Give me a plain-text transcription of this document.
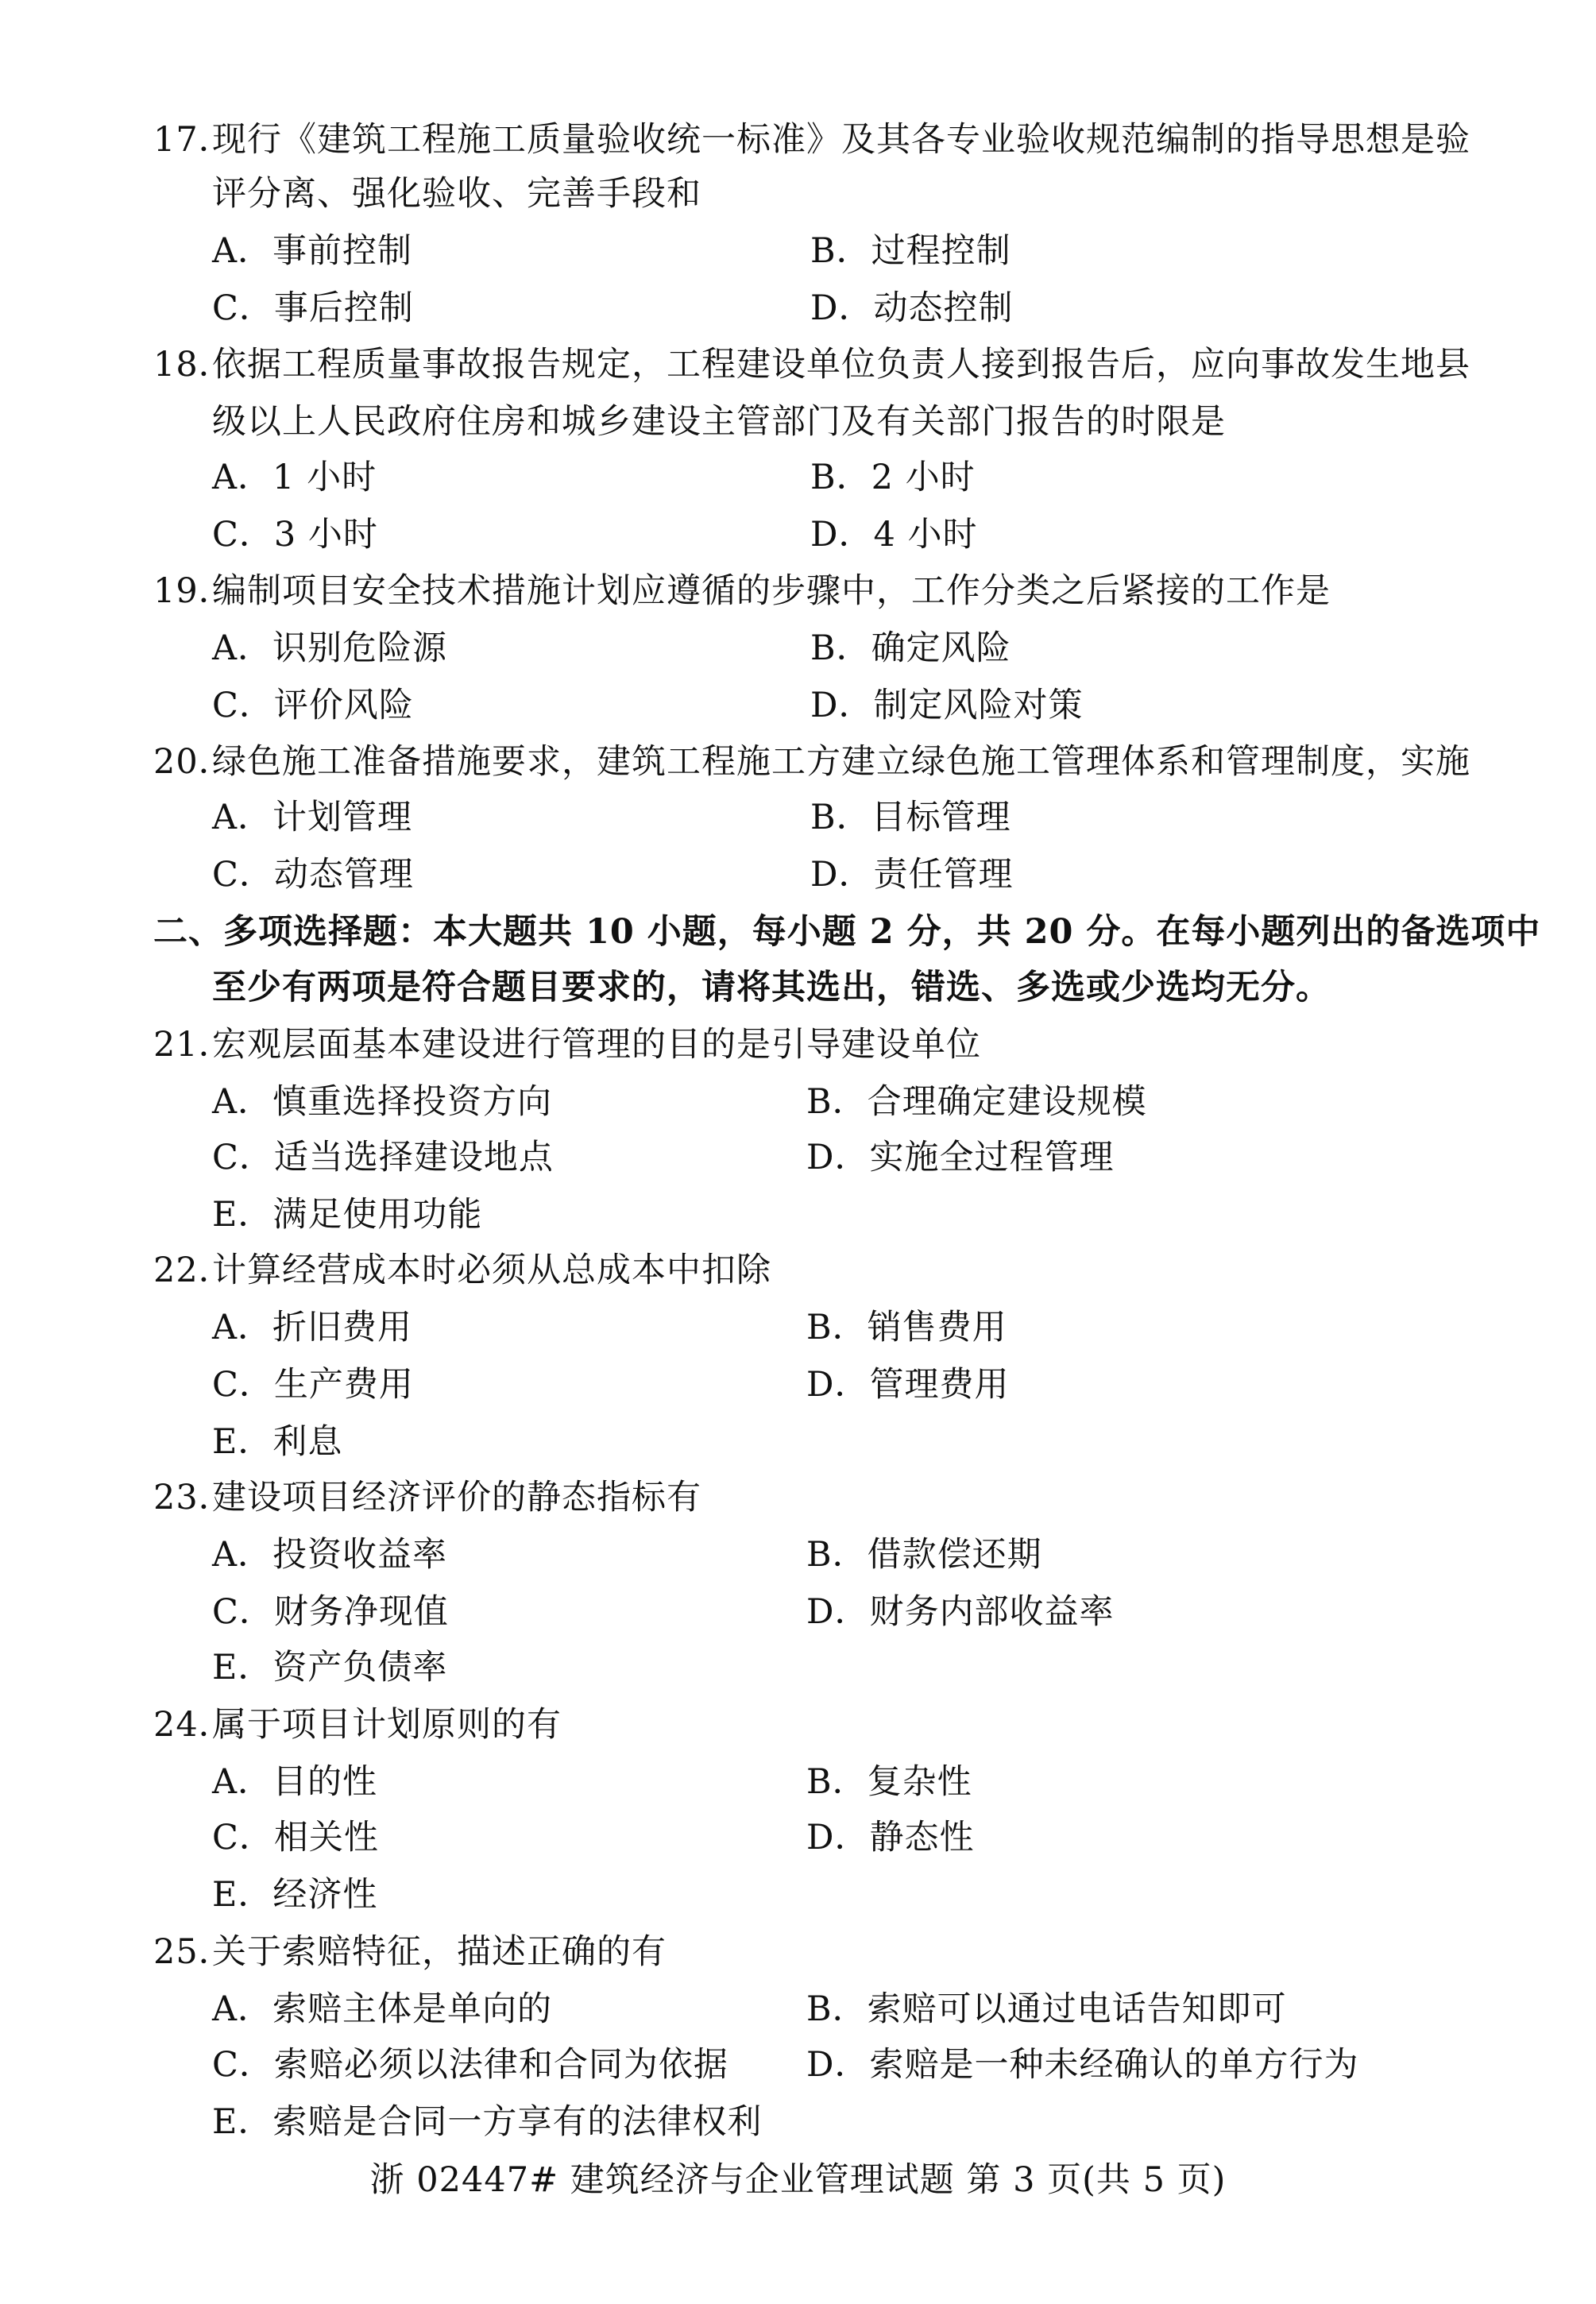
17．
现行《建筑工程施工质量验收统一标准》及其各专业验收规范编制的指导思想是验
评分离、强化验收、完善手段和
A．事前控制	B．过程控制
C．事后控制	D．动态控制
18．
依据工程质量事故报告规定，工程建设单位负责人接到报告后，应向事故发生地县
级以上人民政府住房和城乡建设主管部门及有关部门报告的时限是
A．1 小时	B．2 小时
C．3 小时	D．4 小时
19．
编制项目安全技术措施计划应遵循的步骤中，工作分类之后紧接的工作是
A．识别危险源	B．确定风险
C．评价风险	D．制定风险对策
20．
绿色施工准备措施要求，建筑工程施工方建立绿色施工管理体系和管理制度，实施
A．计划管理	B．目标管理
C．动态管理	D．责任管理
二、多项选择题：本大题共 10 小题，每小题 2 分，共 20 分。在每小题列出的备选项中
至少有两项是符合题目要求的，请将其选出，错选、多选或少选均无分。
21．
宏观层面基本建设进行管理的目的是引导建设单位
A．慎重选择投资方向	B．合理确定建设规模
C．适当选择建设地点	D．实施全过程管理
E．满足使用功能
22．
计算经营成本时必须从总成本中扣除
A．折旧费用	B．销售费用
C．生产费用	D．管理费用
E．利息
23．
建设项目经济评价的静态指标有
A．投资收益率	B．借款偿还期
C．财务净现值	D．财务内部收益率
E．资产负债率
24．
属于项目计划原则的有
A．目的性	B．复杂性
C．相关性	D．静态性
E．经济性
25．
关于索赔特征，描述正确的有
A．索赔主体是单向的	B．索赔可以通过电话告知即可
C．索赔必须以法律和合同为依据 D．索赔是一种未经确认的单方行为
E．索赔是合同一方享有的法律权利
浙 02447# 建筑经济与企业管理试题 第 3 页(共 5 页)
